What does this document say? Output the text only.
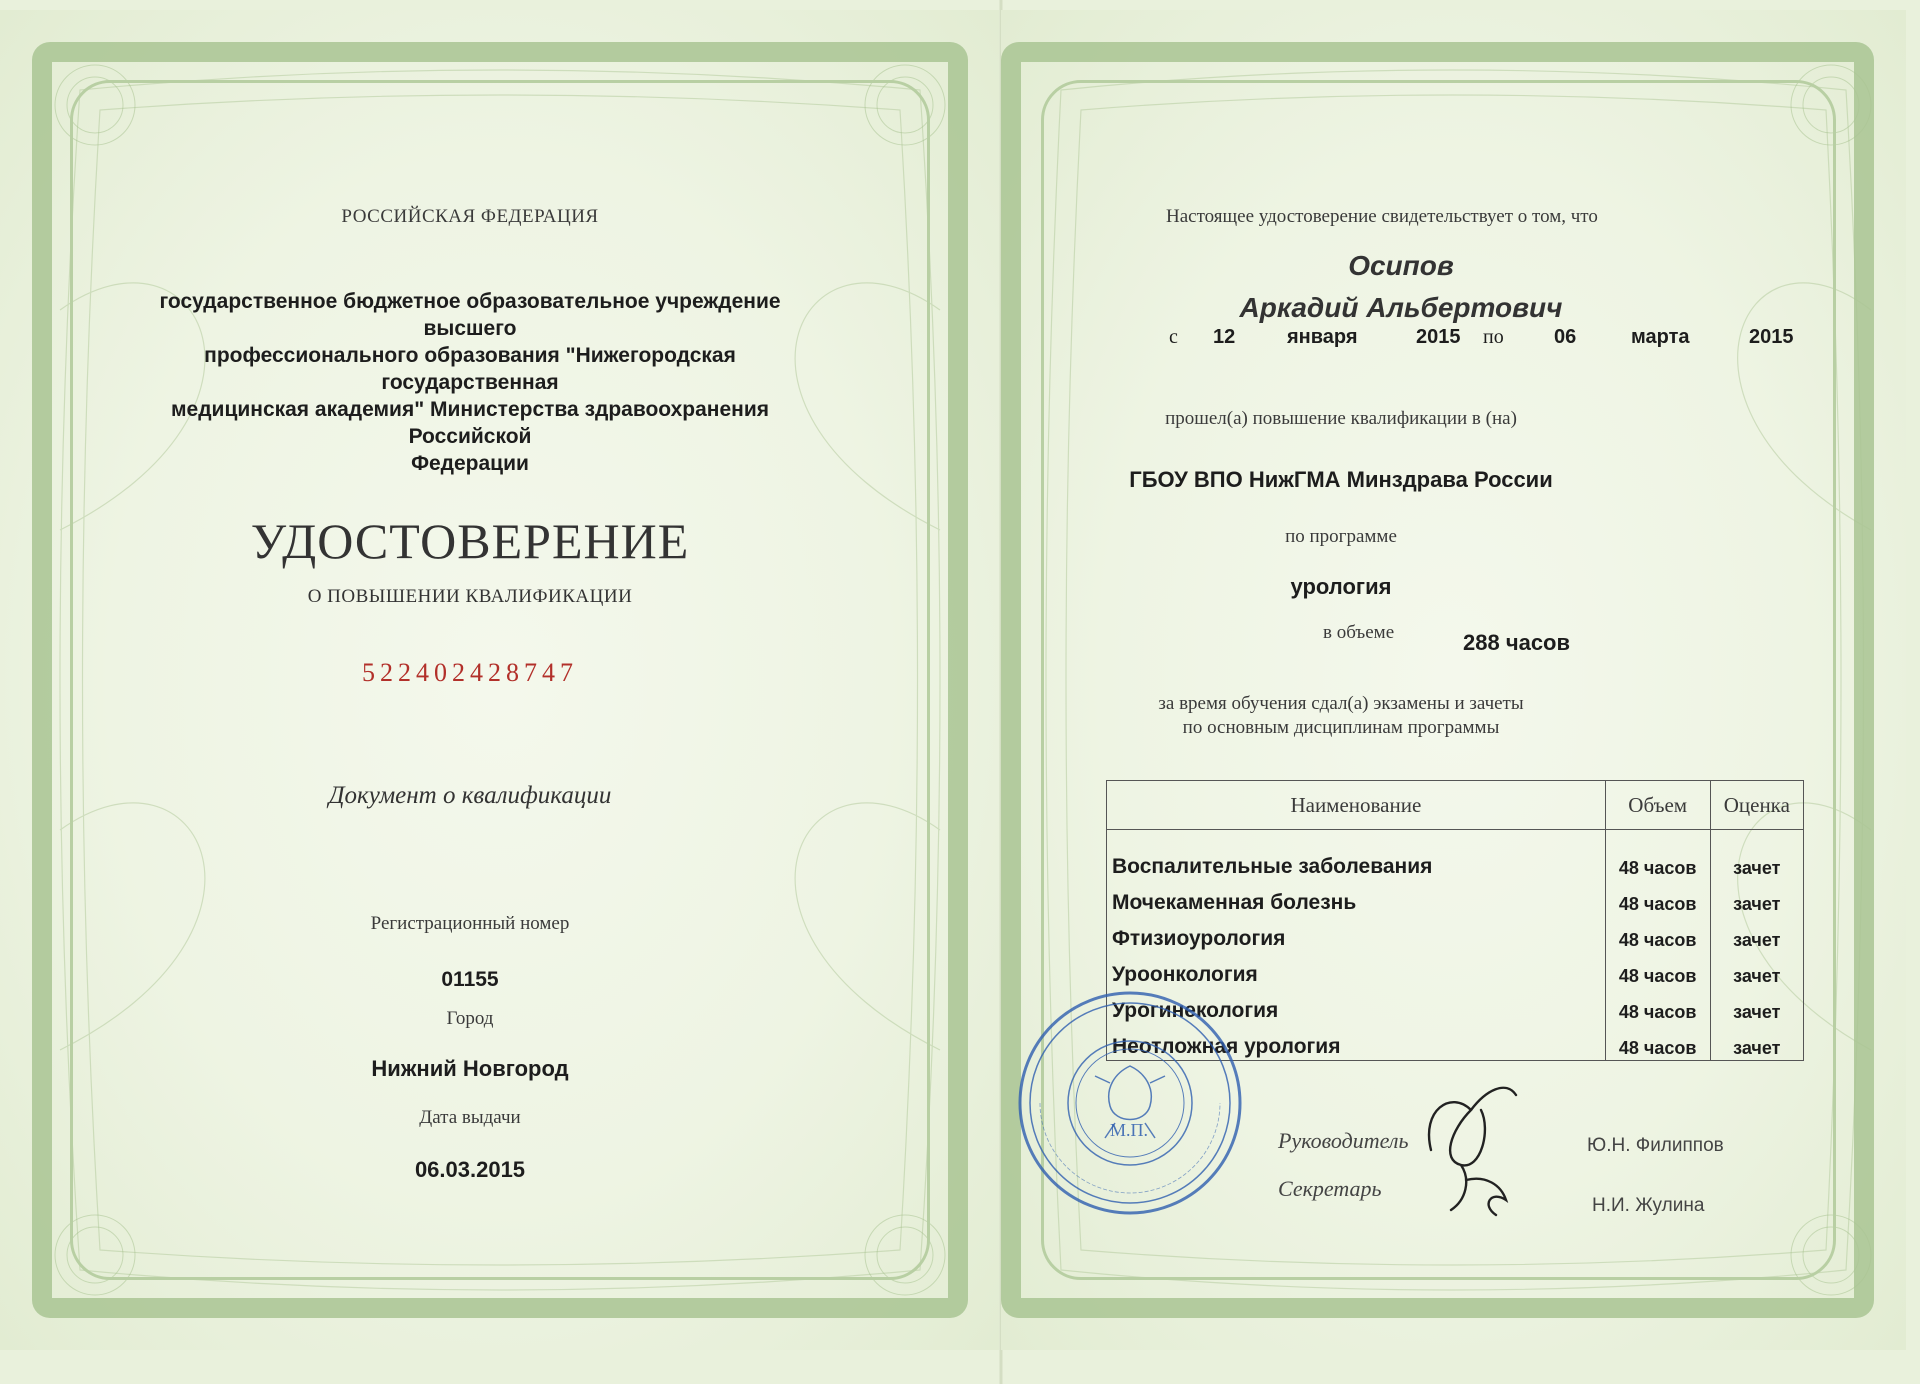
РОССИЙСКАЯ ФЕДЕРАЦИЯ
государственное бюджетное образовательное учреждение высшего
профессионального образования "Нижегородская государственная
медицинская академия" Министерства здравоохранения Российской
Федерации
УДОСТОВЕРЕНИЕ
О ПОВЫШЕНИИ КВАЛИФИКАЦИИ
522402428747
Документ о квалификации
Регистрационный номер
01155
Город
Нижний Новгород
Дата выдачи
06.03.2015
Настоящее удостоверение свидетельствует о том, что
Осипов
Аркадий Альбертович
с 12	января	2015 по	06	марта	2015
прошел(а) повышение квалификации в (на)
ГБОУ ВПО НижГМА Минздрава России
по программе
урология
в объеме	288 часов
за время обучения сдал(а) экзамены и зачеты
по основным дисциплинам программы
Наименование	Объем	Оценка
Воспалительные заболевания	48 часов	зачет
Мочекаменная болезнь	48 часов	зачет
Фтизиоурология	48 часов	зачет
Уроонкология	48 часов	зачет
Урогинекология	48 часов	зачет
Неотложная урология	48 часов	зачет
Руководитель	Ю.Н. Филиппов
Секретарь
Н.И. Жулина
М.П.
